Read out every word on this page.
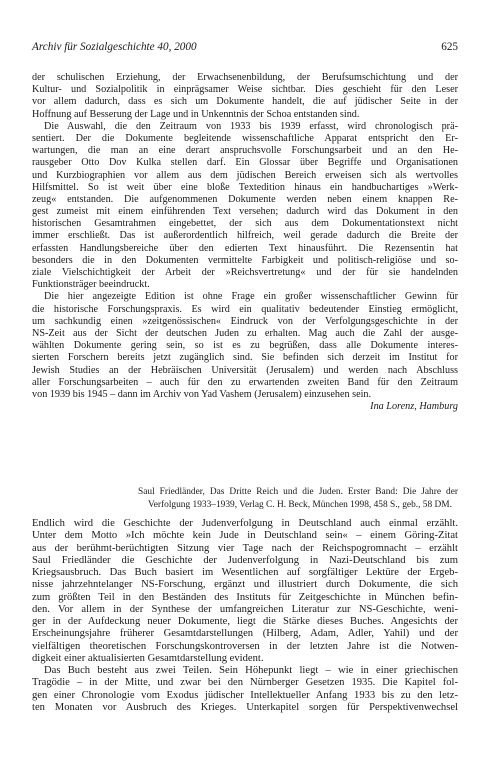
Archiv für Sozialgeschichte 40, 2000	625
der schulischen Erziehung, der Erwachsenenbildung, der Berufsumschichtung und der
Kultur- und Sozialpolitik in einprägsamer Weise sichtbar. Dies geschieht für den Leser
vor allem dadurch, dass es sich um Dokumente handelt, die auf jüdischer Seite in der
Hoffnung auf Besserung der Lage und in Unkenntnis der Schoa entstanden sind.
Die Auswahl, die den Zeitraum von 1933 bis 1939 erfasst, wird chronologisch prä-
sentiert. Der die Dokumente begleitende wissenschaftliche Apparat entspricht den Er-
wartungen, die man an eine derart anspruchsvolle Forschungsarbeit und an den He-
rausgeber Otto Dov Kulka stellen darf. Ein Glossar über Begriffe und Organisationen
und Kurzbiographien vor allem aus dem jüdischen Bereich erweisen sich als wertvolles
Hilfsmittel. So ist weit über eine bloße Textedition hinaus ein handbuchartiges »Werk-
zeug« entstanden. Die aufgenommenen Dokumente werden neben einem knappen Re-
gest zumeist mit einem einführenden Text versehen; dadurch wird das Dokument in den
historischen Gesamtrahmen eingebettet, der sich aus dem Dokumentationstext nicht
immer erschließt. Das ist außerordentlich hilfreich, weil gerade dadurch die Breite der
erfassten Handlungsbereiche über den edierten Text hinausführt. Die Rezensentin hat
besonders die in den Dokumenten vermittelte Farbigkeit und politisch-religiöse und so-
ziale Vielschichtigkeit der Arbeit der »Reichsvertretung« und der für sie handelnden
Funktionsträger beeindruckt.
Die hier angezeigte Edition ist ohne Frage ein großer wissenschaftlicher Gewinn für
die historische Forschungspraxis. Es wird ein qualitativ bedeutender Einstieg ermöglicht,
um sachkundig einen »zeitgenössischen« Eindruck von der Verfolgungsgeschichte in der
NS-Zeit aus der Sicht der deutschen Juden zu erhalten. Mag auch die Zahl der ausge-
wählten Dokumente gering sein, so ist es zu begrüßen, dass alle Dokumente interes-
sierten Forschern bereits jetzt zugänglich sind. Sie befinden sich derzeit im Institut for
Jewish Studies an der Hebräischen Universität (Jerusalem) und werden nach Abschluss
aller Forschungsarbeiten – auch für den zu erwartenden zweiten Band für den Zeitraum
von 1939 bis 1945 – dann im Archiv von Yad Vashem (Jerusalem) einzusehen sein.
Ina Lorenz, Hamburg
Saul Friedländer, Das Dritte Reich und die Juden. Erster Band: Die Jahre der
Verfolgung 1933–1939, Verlag C. H. Beck, München 1998, 458 S., geb., 58 DM.
Endlich wird die Geschichte der Judenverfolgung in Deutschland auch einmal erzählt.
Unter dem Motto »Ich möchte kein Jude in Deutschland sein« – einem Göring-Zitat
aus der berühmt-berüchtigten Sitzung vier Tage nach der Reichspogromnacht – erzählt
Saul Friedländer die Geschichte der Judenverfolgung in Nazi-Deutschland bis zum
Kriegsausbruch. Das Buch basiert im Wesentlichen auf sorgfältiger Lektüre der Ergeb-
nisse jahrzehntelanger NS-Forschung, ergänzt und illustriert durch Dokumente, die sich
zum größten Teil in den Beständen des Instituts für Zeitgeschichte in München befin-
den. Vor allem in der Synthese der umfangreichen Literatur zur NS-Geschichte, weni-
ger in der Aufdeckung neuer Dokumente, liegt die Stärke dieses Buches. Angesichts der
Erscheinungsjahre früherer Gesamtdarstellungen (Hilberg, Adam, Adler, Yahil) und der
vielfältigen theoretischen Forschungskontroversen in der letzten Jahre ist die Notwen-
digkeit einer aktualisierten Gesamtdarstellung evident.
Das Buch besteht aus zwei Teilen. Sein Höhepunkt liegt – wie in einer griechischen
Tragödie – in der Mitte, und zwar bei den Nürnberger Gesetzen 1935. Die Kapitel fol-
gen einer Chronologie vom Exodus jüdischer Intellektueller Anfang 1933 bis zu den letz-
ten Monaten vor Ausbruch des Krieges. Unterkapitel sorgen für Perspektivenwechsel
